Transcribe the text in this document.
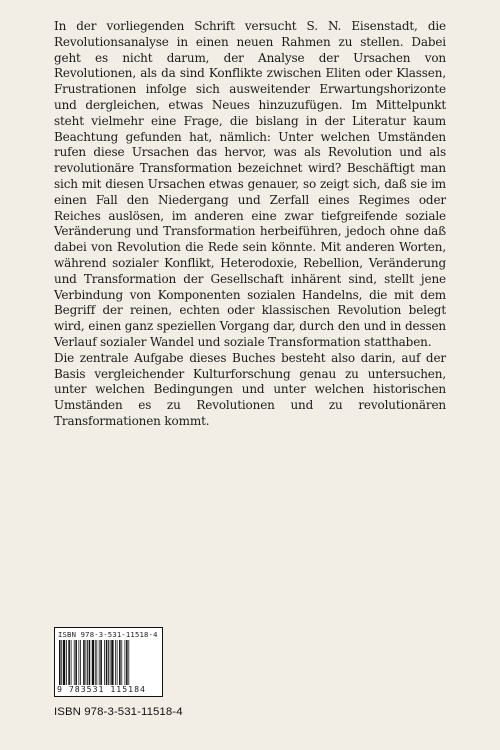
In der vorliegenden Schrift versucht S. N. Eisenstadt, die Revolutionsanalyse in einen neuen Rahmen zu stellen. Dabei geht es nicht darum, der Analyse der Ursachen von Revolutionen, als da sind Konflikte zwischen Eliten oder Klassen, Frustrationen infolge sich ausweitender Erwartungshorizonte und dergleichen, etwas Neues hinzuzufügen. Im Mittelpunkt steht vielmehr eine Frage, die bislang in der Literatur kaum Beachtung gefunden hat, nämlich: Unter welchen Umständen rufen diese Ursachen das hervor, was als Revolution und als revolutionäre Transformation bezeichnet wird? Beschäftigt man sich mit diesen Ursachen etwas genauer, so zeigt sich, daß sie im einen Fall den Niedergang und Zerfall eines Regimes oder Reiches auslösen, im anderen eine zwar tiefgreifende soziale Veränderung und Transformation herbeiführen, jedoch ohne daß dabei von Revolution die Rede sein könnte. Mit anderen Worten, während sozialer Konflikt, Heterodoxie, Rebellion, Veränderung und Transformation der Gesellschaft inhärent sind, stellt jene Verbindung von Komponenten sozialen Handelns, die mit dem Begriff der reinen, echten oder klassischen Revolution belegt wird, einen ganz speziellen Vorgang dar, durch den und in dessen Verlauf sozialer Wandel und soziale Transformation statthaben.

Die zentrale Aufgabe dieses Buches besteht also darin, auf der Basis vergleichender Kulturforschung genau zu untersuchen, unter welchen Bedingungen und unter welchen historischen Umständen es zu Revolutionen und zu revolutionären Transformationen kommt.

ISBN 978-3-531-11518-4
9 783531 115184
ISBN 978-3-531-11518-4
